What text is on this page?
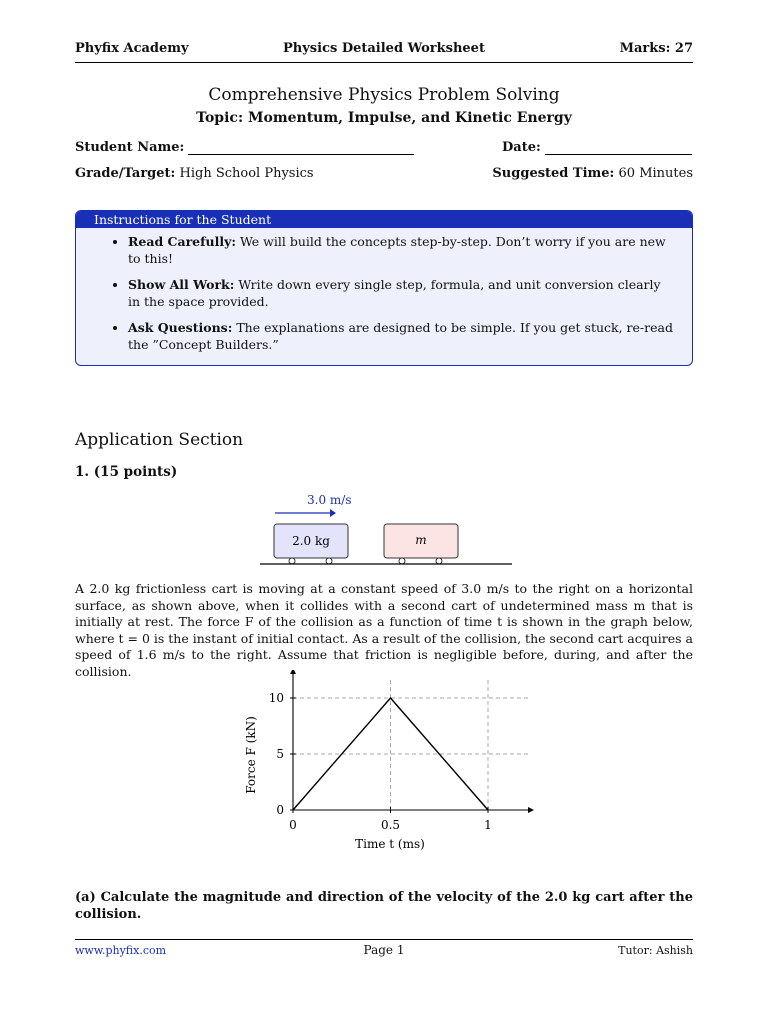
Phyfix Academy	Physics Detailed Worksheet	Marks: 27
Comprehensive Physics Problem Solving
Topic: Momentum, Impulse, and Kinetic Energy
Student Name:	Date:
Grade/Target: High School Physics	Suggested Time: 60 Minutes
Instructions for the Student
• Read Carefully: We will build the concepts step-by-step. Don’t worry if you are new to this!
• Show All Work: Write down every single step, formula, and unit conversion clearly in the space provided.
• Ask Questions: The explanations are designed to be simple. If you get stuck, re-read the ”Concept Builders.”
Application Section
1. (15 points)
3.0 m/s
2.0 kg	m
A 2.0 kg frictionless cart is moving at a constant speed of 3.0 m/s to the right on a horizontal surface, as shown above, when it collides with a second cart of undetermined mass m that is initially at rest. The force F of the collision as a function of time t is shown in the graph below, where t = 0 is the instant of initial contact. As a result of the collision, the second cart acquires a speed of 1.6 m/s to the right. Assume that friction is negligible before, during, and after the collision.
0	0.5	1
0
5
10
Time t (ms)
Force F (kN)
(a) Calculate the magnitude and direction of the velocity of the 2.0 kg cart after the collision.
www.phyfix.com	Page 1	Tutor: Ashish
